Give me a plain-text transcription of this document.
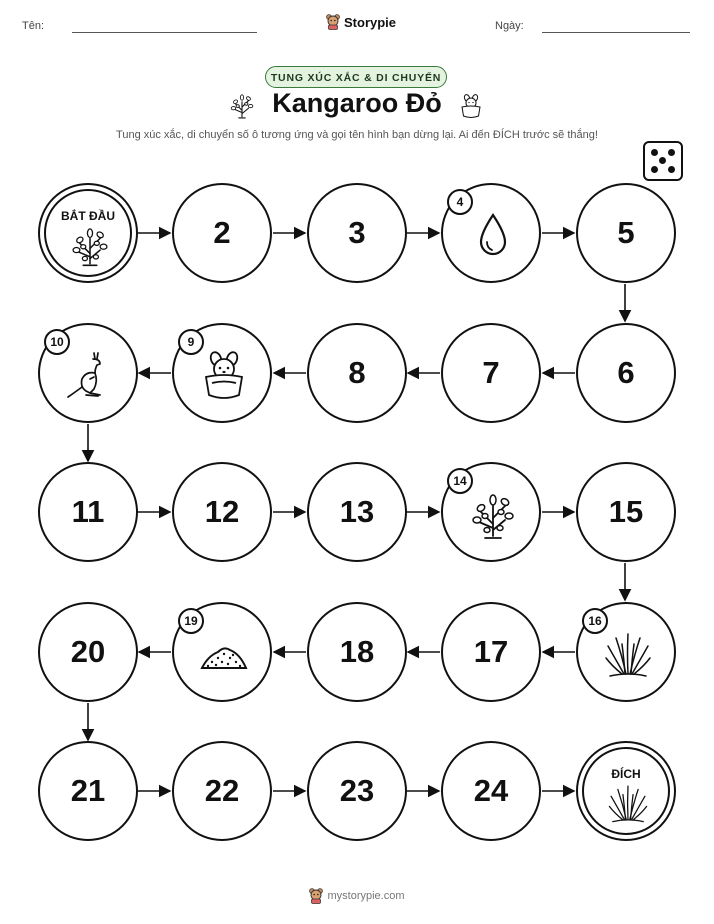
Tên:	Storypie	Ngày:
TUNG XÚC XẮC & DI CHUYỂN
Kangaroo Đỏ
Tung xúc xắc, di chuyển số ô tương ứng và gọi tên hình bạn dừng lại. Ai đến ĐÍCH trước sẽ thắng!
BẮT ĐẦU	2	3
4
5
6
7
8
9
10
11	12	13
14
15
16
17
18
19
20
21	22	23	24	ĐÍCH
mystorypie.com
